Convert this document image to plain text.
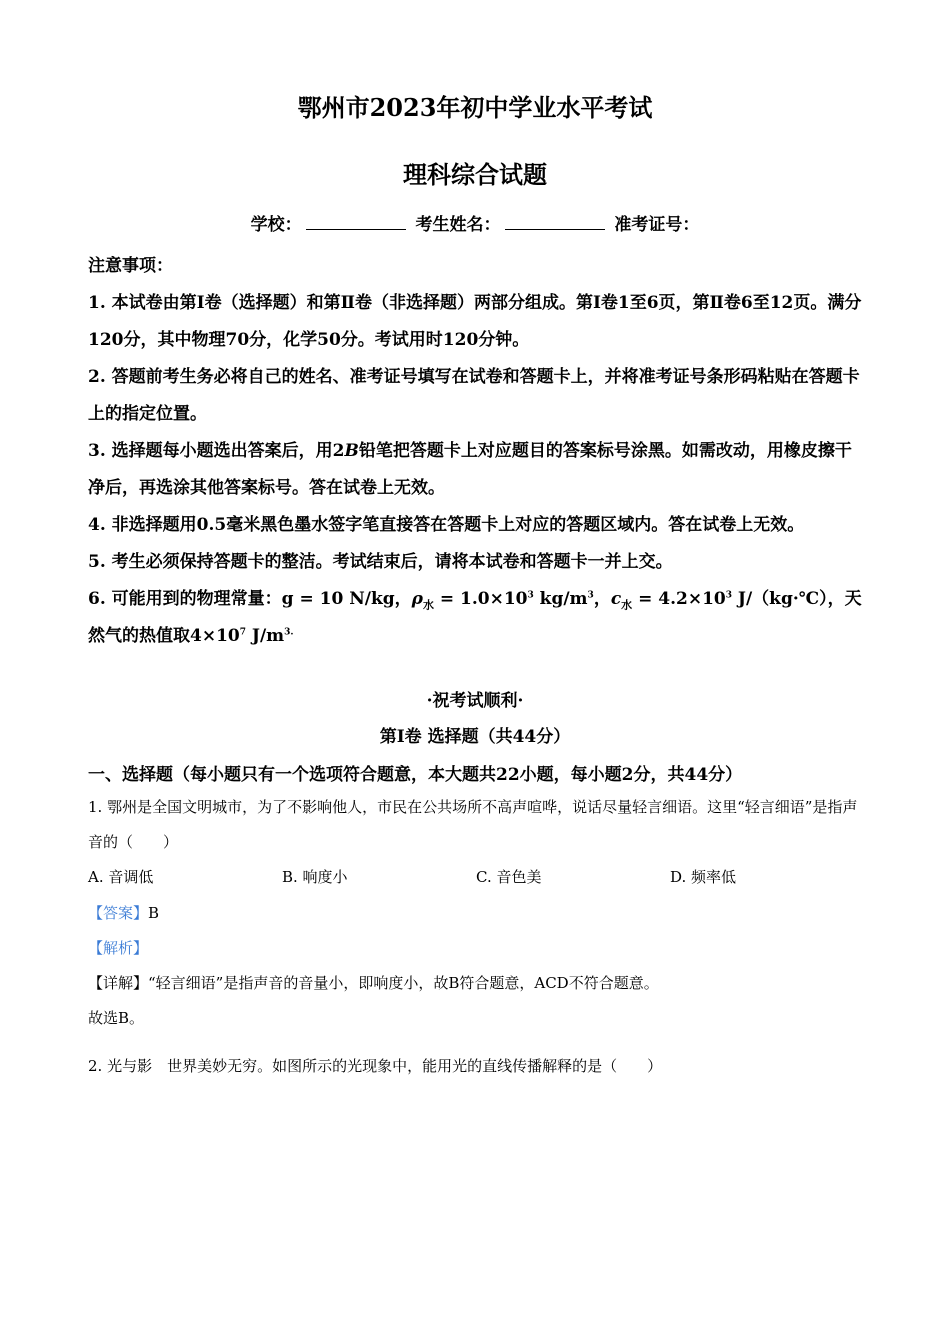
鄂州市2023年初中学业水平考试
理科综合试题
学校：	考生姓名：	准考证号：

注意事项：

1. 本试卷由第Ⅰ卷（选择题）和第Ⅱ卷（非选择题）两部分组成。第Ⅰ卷1至6页，第Ⅱ卷6至12页。满分120分，其中物理70分，化学50分。考试用时120分钟。

2. 答题前考生务必将自己的姓名、准考证号填写在试卷和答题卡上，并将准考证号条形码粘贴在答题卡上的指定位置。

3. 选择题每小题选出答案后，用2B铅笔把答题卡上对应题目的答案标号涂黑。如需改动，用橡皮擦干净后，再选涂其他答案标号。答在试卷上无效。

4. 非选择题用0.5毫米黑色墨水签字笔直接答在答题卡上对应的答题区域内。答在试卷上无效。

5. 考生必须保持答题卡的整洁。考试结束后，请将本试卷和答题卡一并上交。

6. 可能用到的物理常量：g = 10 N/kg，$\rho_水 = 1.0\times 10^3$ $kg/m^3$，$c_水 = 4.2\times 10^3$ J/（kg·℃），天然气的热值取$4\times 10^7$ $J/m^{3.}$

·祝考试顺利·
第Ⅰ卷 选择题（共44分）
一、选择题（每小题只有一个选项符合题意，本大题共22小题，每小题2分，共44分）
1. 鄂州是全国文明城市，为了不影响他人，市民在公共场所不高声喧哗，说话尽量轻言细语。这里“轻言细语”是指声音的（　　）
A. 音调低	B. 响度小	C. 音色美	D. 频率低
【答案】B
【解析】
【详解】“轻言细语”是指声音的音量小，即响度小，故B符合题意，ACD不符合题意。
故选B。
2. 光与影　世界美妙无穷。如图所示的光现象中，能用光的直线传播解释的是（　　）
